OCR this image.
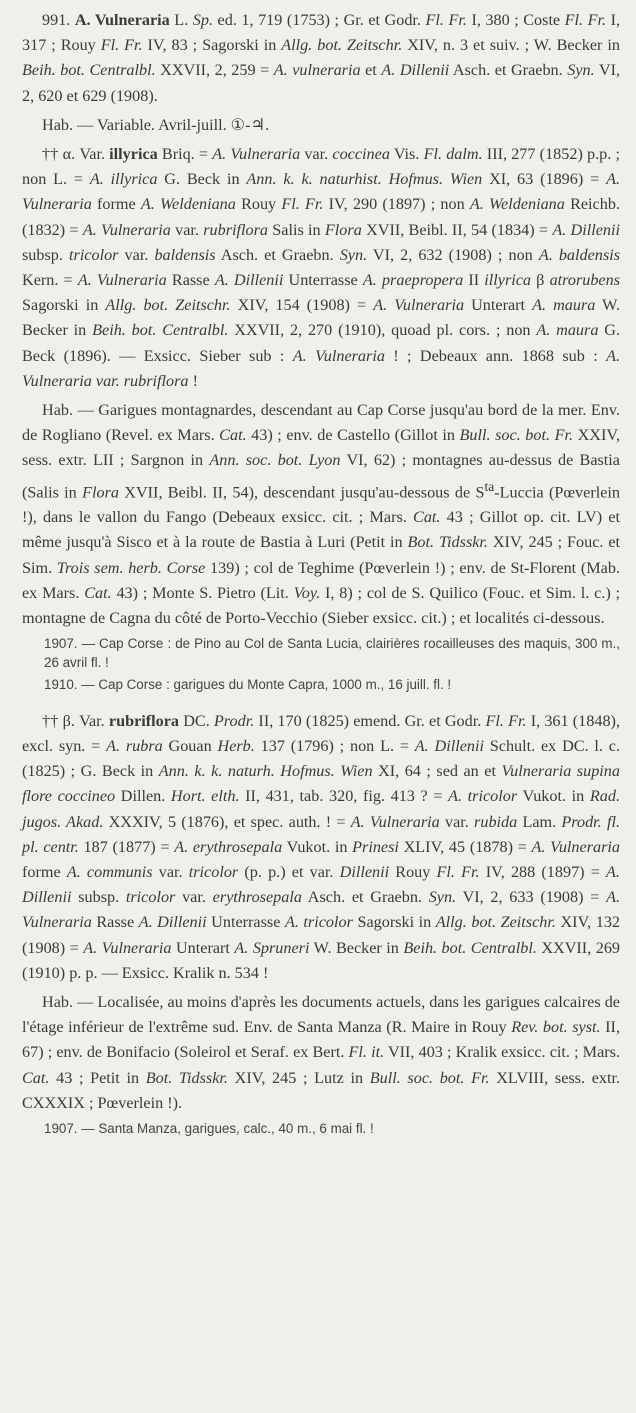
991. A. Vulneraria L. Sp. ed. 1, 719 (1753) ; Gr. et Godr. Fl. Fr. I, 380 ; Coste Fl. Fr. I, 317 ; Rouy Fl. Fr. IV, 83 ; Sagorski in Allg. bot. Zeitschr. XIV, n. 3 et suiv. ; W. Becker in Beih. bot. Centralbl. XXVII, 2, 259 = A. vulneraria et A. Dillenii Asch. et Graebn. Syn. VI, 2, 620 et 629 (1908).

Hab. — Variable. Avril-juill. ①-♃.

†† α. Var. illyrica Briq. = A. Vulneraria var. coccinea Vis. Fl. dalm. III, 277 (1852) p.p. ; non L. = A. illyrica G. Beck in Ann. k. k. naturhist. Hofmus. Wien XI, 63 (1896) = A. Vulneraria forme A. Weldeniana Rouy Fl. Fr. IV, 290 (1897) ; non A. Weldeniana Reichb. (1832) = A. Vulneraria var. rubriflora Salis in Flora XVII, Beibl. II, 54 (1834) = A. Dillenii subsp. tricolor var. baldensis Asch. et Graebn. Syn. VI, 2, 632 (1908) ; non A. baldensis Kern. = A. Vulneraria Rasse A. Dillenii Unterrasse A. praepropera II illyrica β atrorubens Sagorski in Allg. bot. Zeitschr. XIV, 154 (1908) = A. Vulneraria Unterart A. maura W. Becker in Beih. bot. Centralbl. XXVII, 2, 270 (1910), quoad pl. cors. ; non A. maura G. Beck (1896). — Exsicc. Sieber sub : A. Vulneraria ! ; Debeaux ann. 1868 sub : A. Vulneraria var. rubriflora !

Hab. — Garigues montagnardes, descendant au Cap Corse jusqu'au bord de la mer. Env. de Rogliano (Revel. ex Mars. Cat. 43) ; env. de Castello (Gillot in Bull. soc. bot. Fr. XXIV, sess. extr. LII ; Sargnon in Ann. soc. bot. Lyon VI, 62) ; montagnes au-dessus de Bastia (Salis in Flora XVII, Beibl. II, 54), descendant jusqu'au-dessous de $S^{ta}$-Luccia (Pœverlein !), dans le vallon du Fango (Debeaux exsicc. cit. ; Mars. Cat. 43 ; Gillot op. cit. LV) et même jusqu'à Sisco et à la route de Bastia à Luri (Petit in Bot. Tidsskr. XIV, 245 ; Fouc. et Sim. Trois sem. herb. Corse 139) ; col de Teghime (Pœverlein !) ; env. de St-Florent (Mab. ex Mars. Cat. 43) ; Monte S. Pietro (Lit. Voy. I, 8) ; col de S. Quilico (Fouc. et Sim. l. c.) ; montagne de Cagna du côté de Porto-Vecchio (Sieber exsicc. cit.) ; et localités ci-dessous.

1907. — Cap Corse : de Pino au Col de Santa Lucia, clairières rocailleuses des maquis, 300 m., 26 avril fl. !

1910. — Cap Corse : garigues du Monte Capra, 1000 m., 16 juill. fl. !

†† β. Var. rubriflora DC. Prodr. II, 170 (1825) emend. Gr. et Godr. Fl. Fr. I, 361 (1848), excl. syn. = A. rubra Gouan Herb. 137 (1796) ; non L. = A. Dillenii Schult. ex DC. l. c. (1825) ; G. Beck in Ann. k. k. naturh. Hofmus. Wien XI, 64 ; sed an et Vulneraria supina flore coccineo Dillen. Hort. elth. II, 431, tab. 320, fig. 413 ? = A. tricolor Vukot. in Rad. jugos. Akad. XXXIV, 5 (1876), et spec. auth. ! = A. Vulneraria var. rubida Lam. Prodr. fl. pl. centr. 187 (1877) = A. erythrosepala Vukot. in Prinesi XLIV, 45 (1878) = A. Vulneraria forme A. communis var. tricolor (p. p.) et var. Dillenii Rouy Fl. Fr. IV, 288 (1897) = A. Dillenii subsp. tricolor var. erythrosepala Asch. et Graebn. Syn. VI, 2, 633 (1908) = A. Vulneraria Rasse A. Dillenii Unterrasse A. tricolor Sagorski in Allg. bot. Zeitschr. XIV, 132 (1908) = A. Vulneraria Unterart A. Spruneri W. Becker in Beih. bot. Centralbl. XXVII, 269 (1910) p. p. — Exsicc. Kralik n. 534 !

Hab. — Localisée, au moins d'après les documents actuels, dans les garigues calcaires de l'étage inférieur de l'extrême sud. Env. de Santa Manza (R. Maire in Rouy Rev. bot. syst. II, 67) ; env. de Bonifacio (Soleirol et Seraf. ex Bert. Fl. it. VII, 403 ; Kralik exsicc. cit. ; Mars. Cat. 43 ; Petit in Bot. Tidsskr. XIV, 245 ; Lutz in Bull. soc. bot. Fr. XLVIII, sess. extr. CXXXIX ; Pœverlein !).

1907. — Santa Manza, garigues, calc., 40 m., 6 mai fl. !
